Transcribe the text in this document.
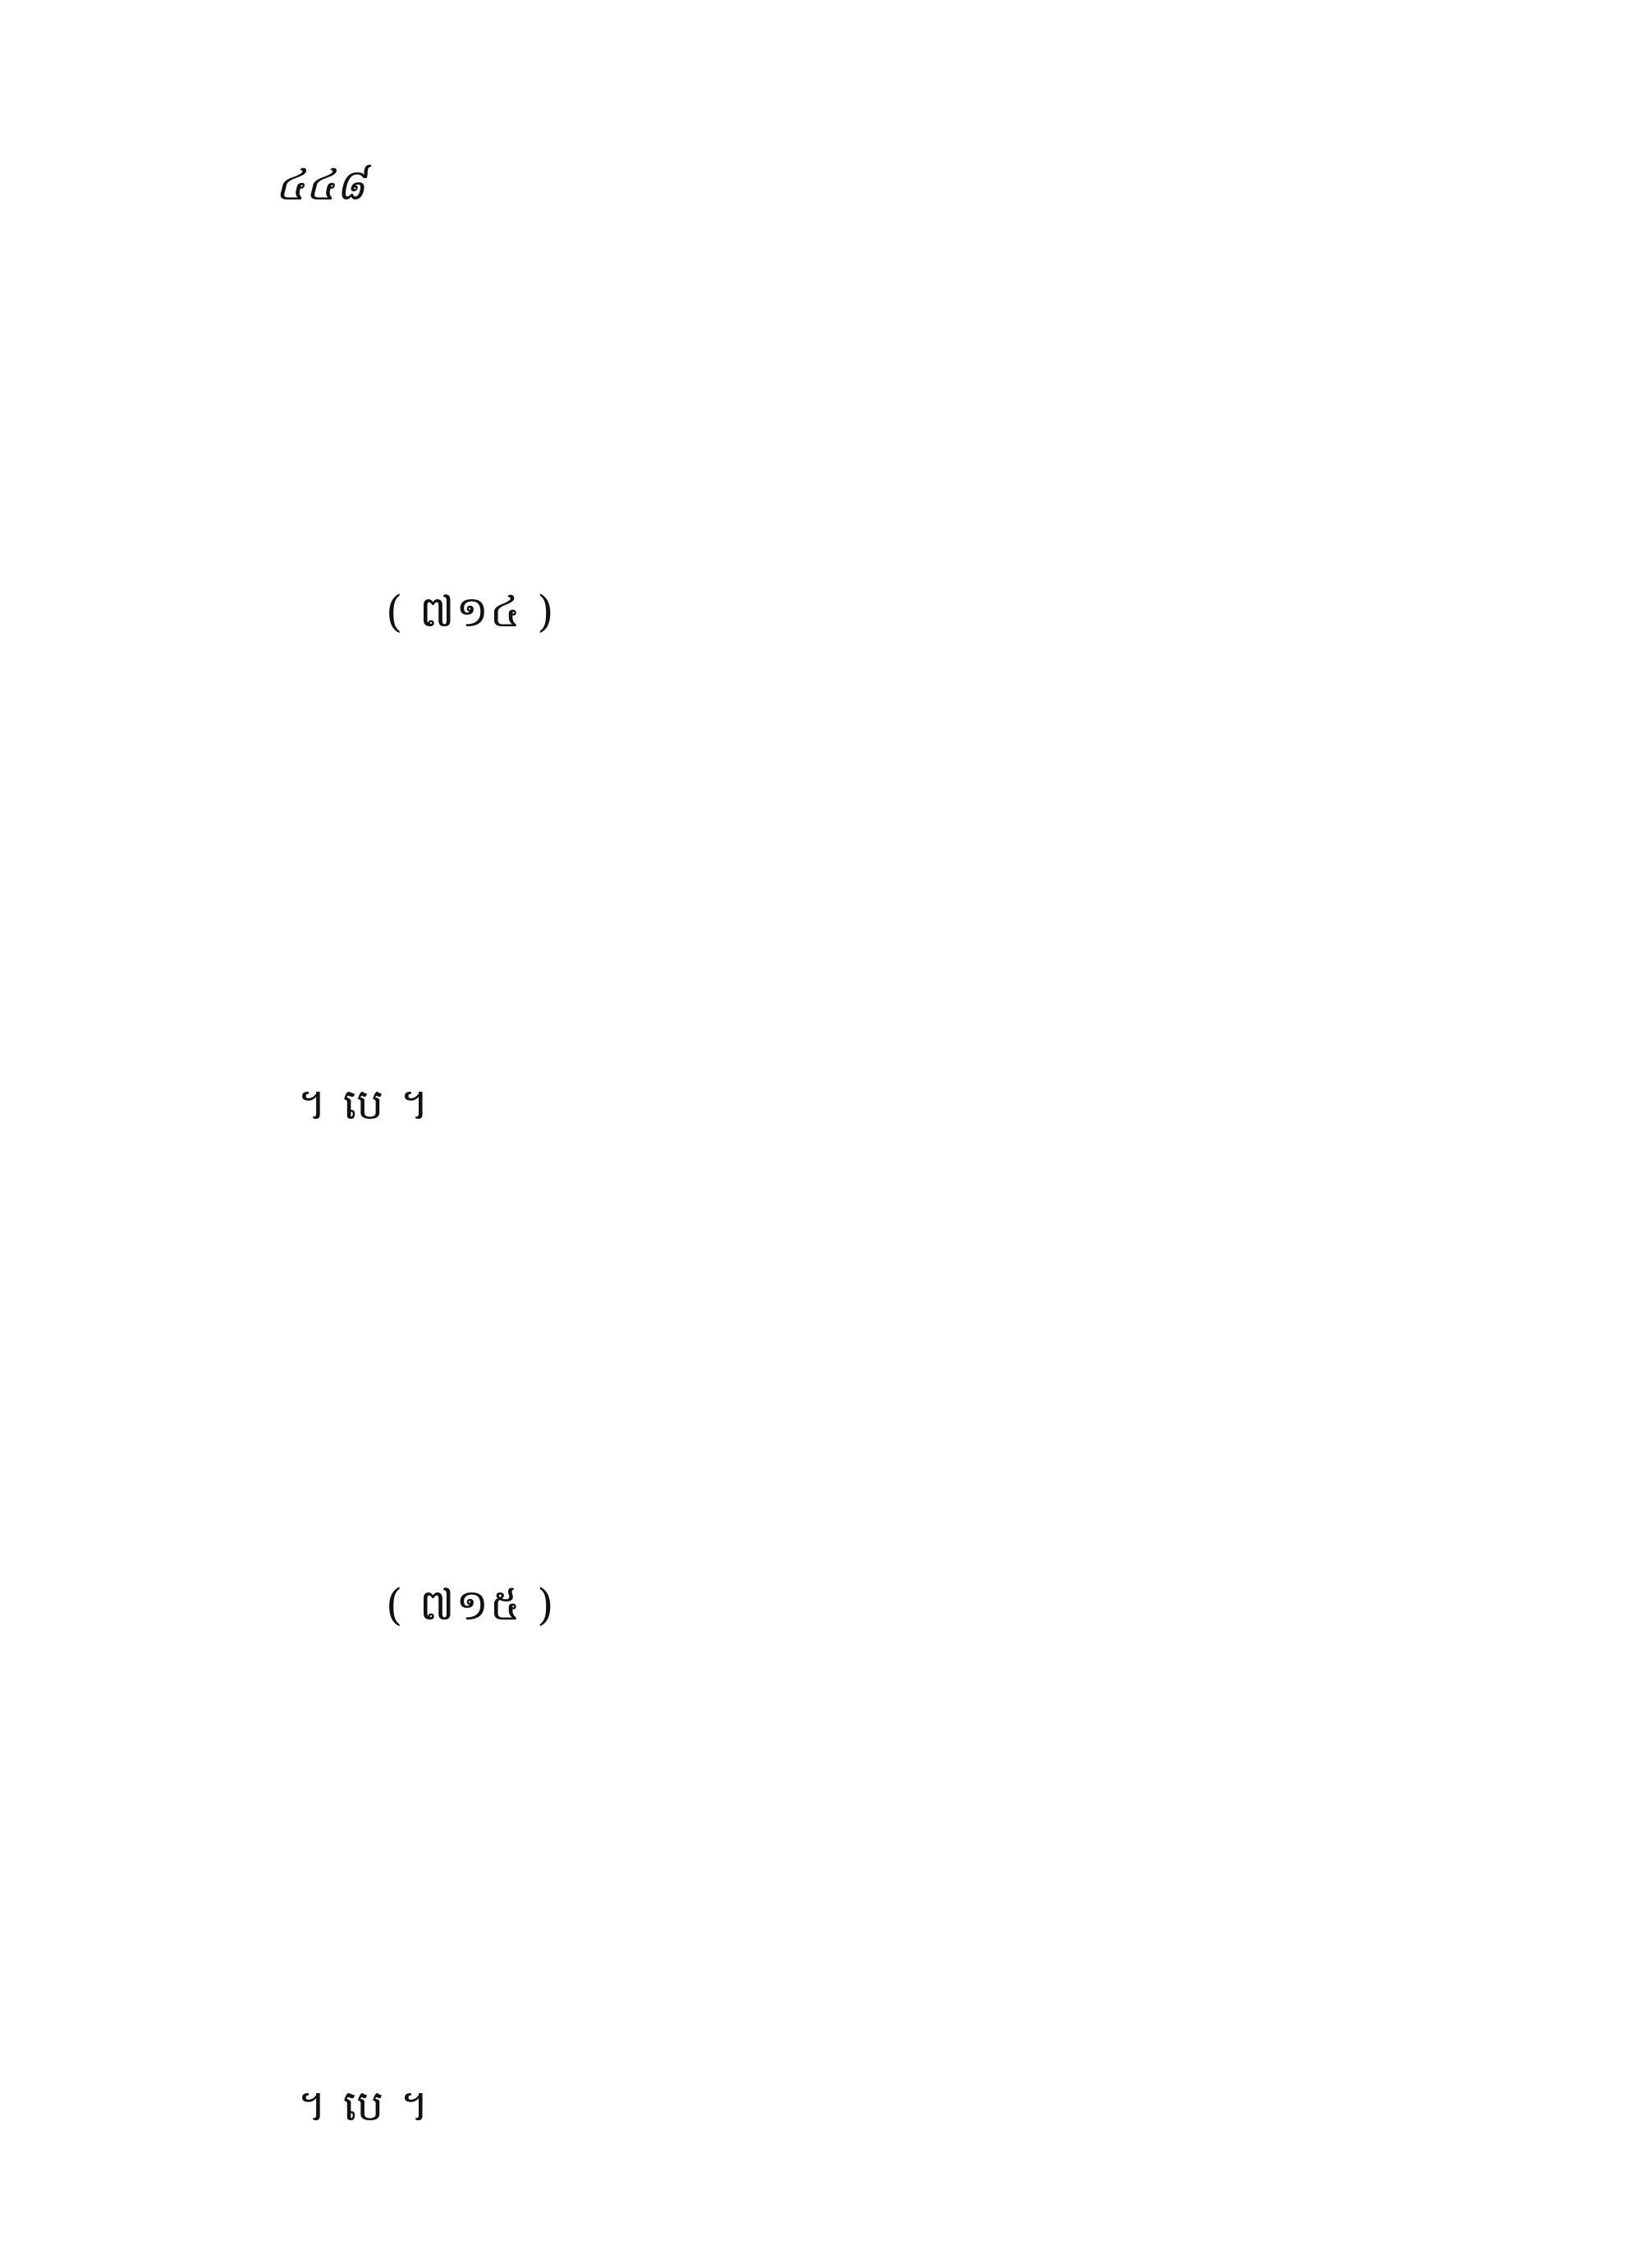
៤៤៨
( ៧១៤ )
។ បេ ។
( ៧១៥ )
។ បេ ។
